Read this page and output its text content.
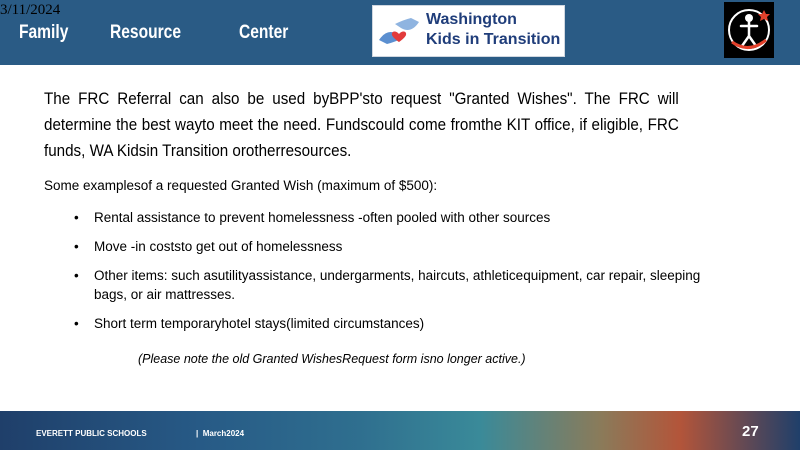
3/11/2024
Family Resource	Center
Washington
Kids in Transition
The FRC Referral can also be used byBPP'sto request "Granted Wishes". The FRC will determine the best wayto meet the need. Fundscould come fromthe KIT office, if eligible, FRC funds, WA Kidsin Transition orotherresources.
Some examplesof a requested Granted Wish (maximum of $500):
• Rental assistance to prevent homelessness -often pooled with other sources
• Move -in coststo get out of homelessness
• Other items: such asutilityassistance, undergarments, haircuts, athleticequipment, car repair, sleeping bags, or air mattresses.
• Short term temporaryhotel stays(limited circumstances)
(Please note the old Granted WishesRequest form isno longer active.)
EVERETT PUBLIC SCHOOLS	| March2024	27
